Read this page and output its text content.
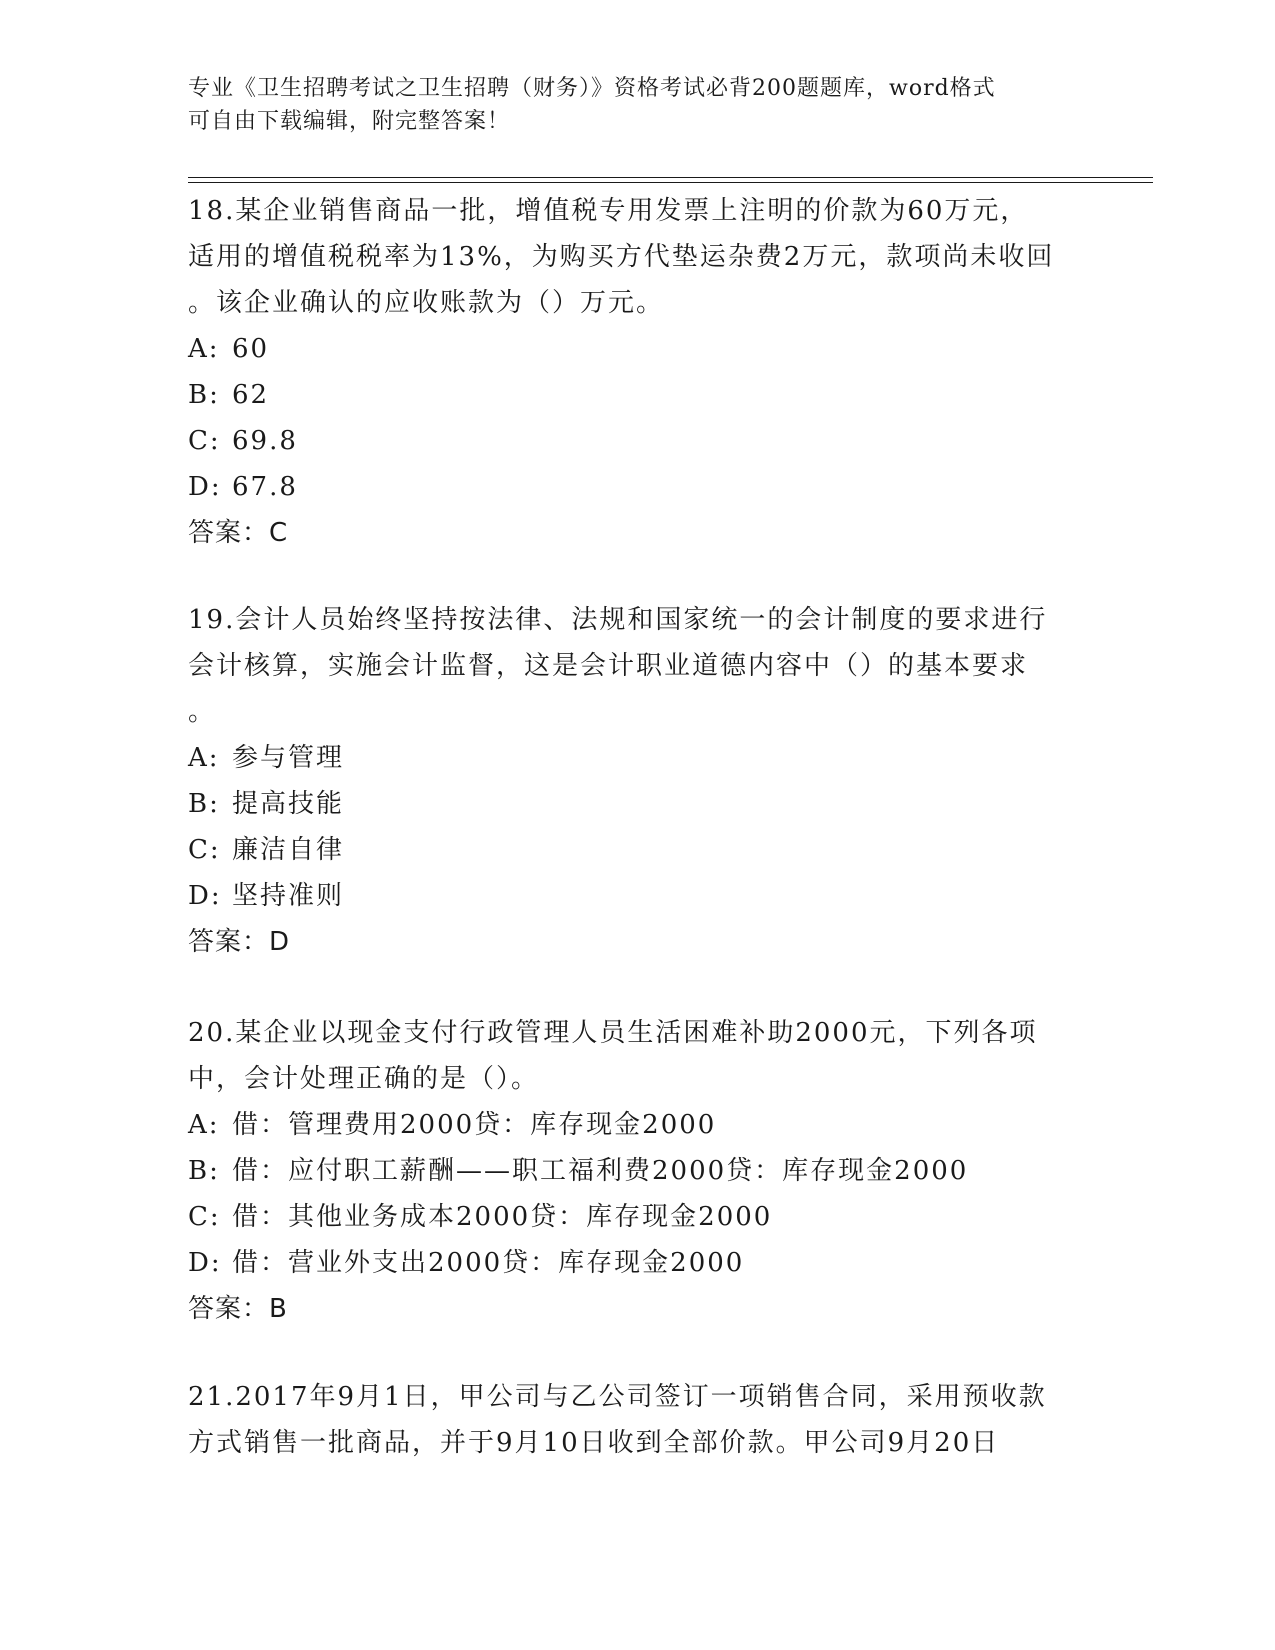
专业《卫生招聘考试之卫生招聘（财务）》资格考试必背200题题库，word格式
可自由下载编辑，附完整答案！

18.某企业销售商品一批，增值税专用发票上注明的价款为60万元，

适用的增值税税率为13%，为购买方代垫运杂费2万元，款项尚未收回

。该企业确认的应收账款为（）万元。

A: 60

B: 62

C: 69.8

D: 67.8

答案：C

19.会计人员始终坚持按法律、法规和国家统一的会计制度的要求进行

会计核算，实施会计监督，这是会计职业道德内容中（）的基本要求

。

A: 参与管理

B: 提高技能

C: 廉洁自律

D: 坚持准则

答案：D

20.某企业以现金支付行政管理人员生活困难补助2000元，下列各项

中，会计处理正确的是（）。

A: 借：管理费用2000贷：库存现金2000

B: 借：应付职工薪酬——职工福利费2000贷：库存现金2000

C: 借：其他业务成本2000贷：库存现金2000

D: 借：营业外支出2000贷：库存现金2000

答案：B

21.2017年9月1日，甲公司与乙公司签订一项销售合同，采用预收款

方式销售一批商品，并于9月10日收到全部价款。甲公司9月20日
